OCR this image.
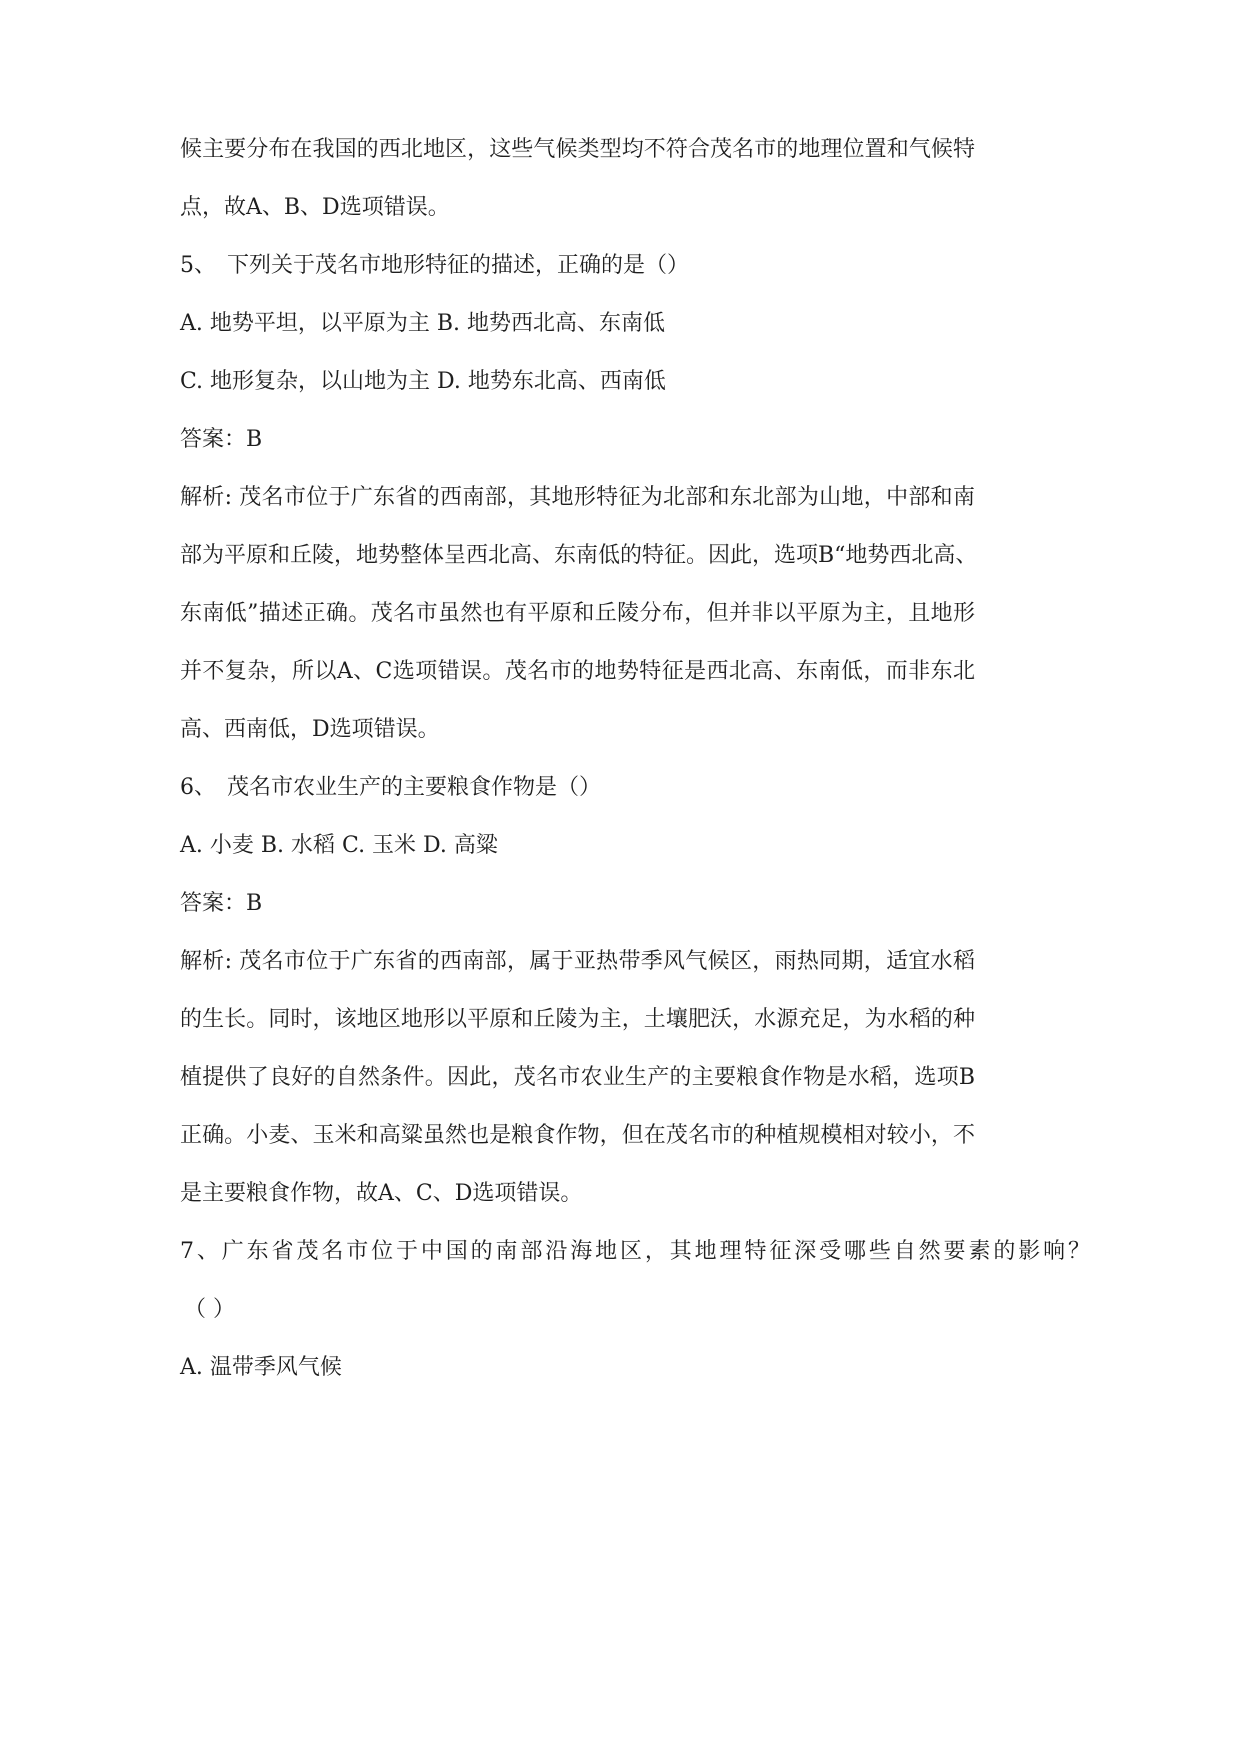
候主要分布在我国的西北地区，这些气候类型均不符合茂名市的地理位置和气候特
点，故A、B、D选项错误。
5、　下列关于茂名市地形特征的描述，正确的是（）
A. 地势平坦，以平原为主 B. 地势西北高、东南低
C. 地形复杂，以山地为主 D. 地势东北高、西南低
答案：B
解析: 茂名市位于广东省的西南部，其地形特征为北部和东北部为山地，中部和南
部为平原和丘陵，地势整体呈西北高、东南低的特征。因此，选项B“地势西北高、
东南低”描述正确。茂名市虽然也有平原和丘陵分布，但并非以平原为主，且地形
并不复杂，所以A、C选项错误。茂名市的地势特征是西北高、东南低，而非东北
高、西南低，D选项错误。
6、　茂名市农业生产的主要粮食作物是（）
A. 小麦 B. 水稻 C. 玉米 D. 高粱
答案：B
解析: 茂名市位于广东省的西南部，属于亚热带季风气候区，雨热同期，适宜水稻
的生长。同时，该地区地形以平原和丘陵为主，土壤肥沃，水源充足，为水稻的种
植提供了良好的自然条件。因此，茂名市农业生产的主要粮食作物是水稻，选项B
正确。小麦、玉米和高粱虽然也是粮食作物，但在茂名市的种植规模相对较小，不
是主要粮食作物，故A、C、D选项错误。
7、广东省茂名市位于中国的南部沿海地区，其地理特征深受哪些自然要素的影响？
（ ）
A. 温带季风气候
